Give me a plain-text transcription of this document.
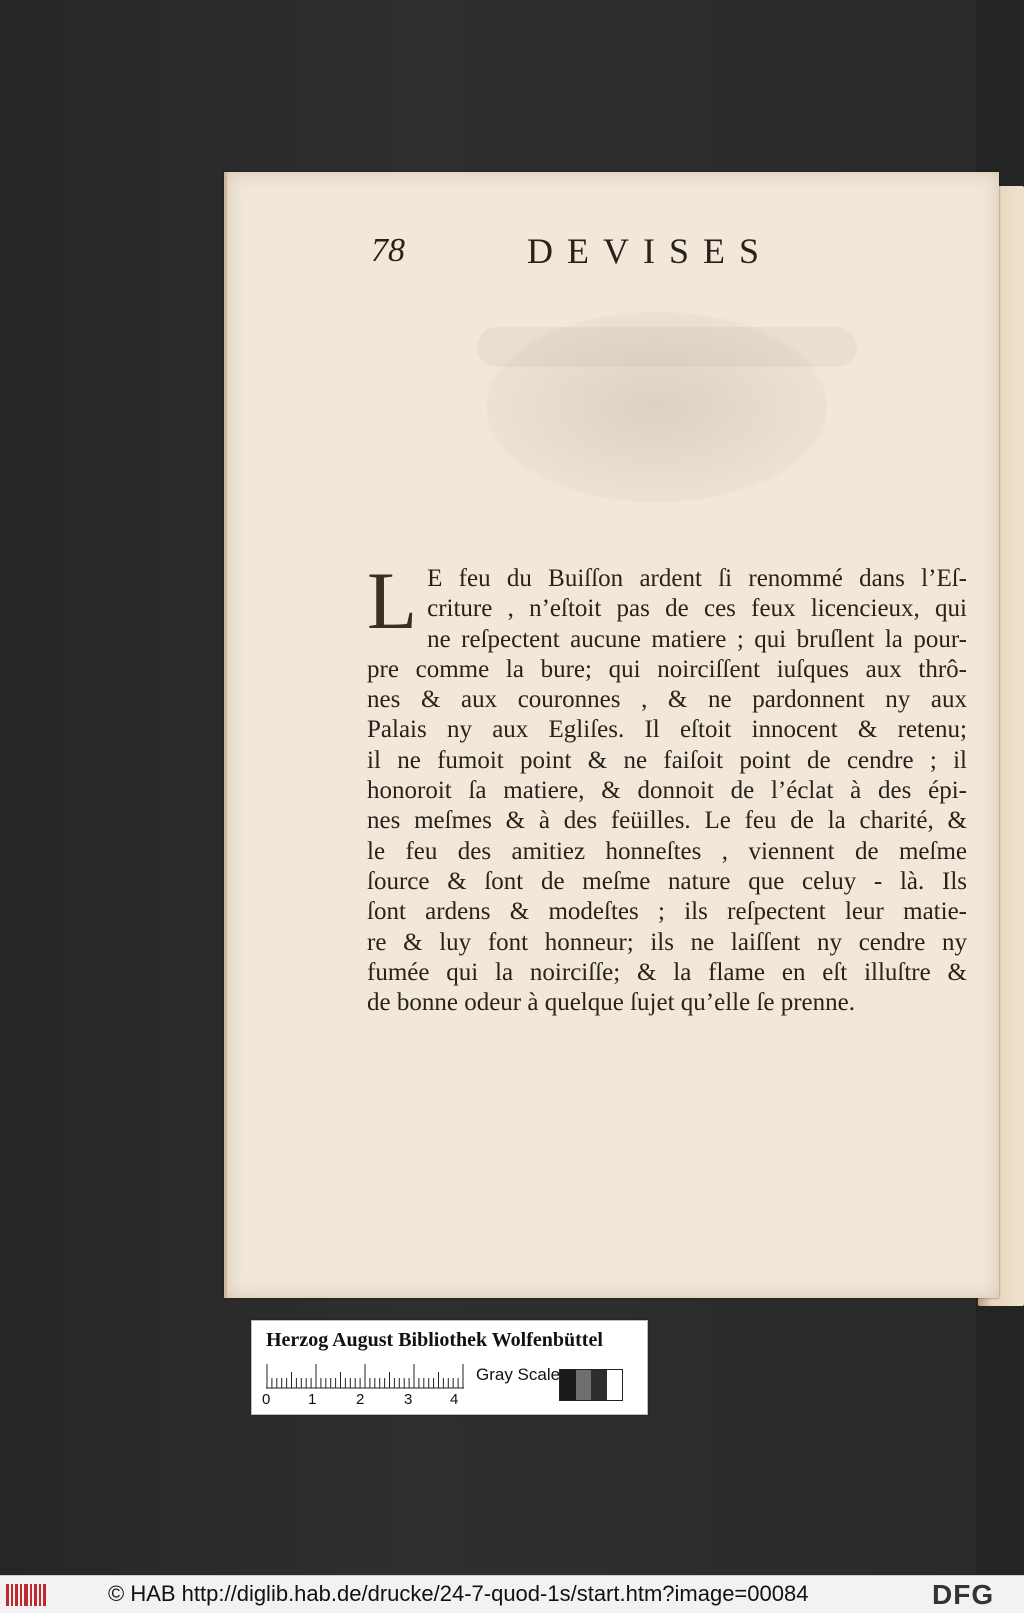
78	DEVISES
L E feu du Buiſſon ardent ſi renommé dans l’Eſ-
criture , n’eſtoit pas de ces feux licencieux, qui
ne reſpectent aucune matiere ; qui bruſlent la pour-
pre comme la bure; qui noirciſſent iuſques aux thrô-
nes & aux couronnes , & ne pardonnent ny aux
Palais ny aux Egliſes. Il eſtoit innocent & retenu;
il ne fumoit point & ne faiſoit point de cendre ; il
honoroit ſa matiere, & donnoit de l’éclat à des épi-
nes meſmes & à des feüilles. Le feu de la charité, &
le feu des amitiez honneſtes , viennent de meſme
ſource & ſont de meſme nature que celuy - là. Ils
ſont ardens & modeſtes ; ils reſpectent leur matie-
re & luy font honneur; ils ne laiſſent ny cendre ny
fumée qui la noirciſſe; & la flame en eſt illuſtre &
de bonne odeur à quelque ſujet qu’elle ſe prenne.
Herzog August Bibliothek Wolfenbüttel
0	1	2	3	4
Gray Scale
© HAB http://diglib.hab.de/drucke/24-7-quod-1s/start.htm?image=00084	DFG
